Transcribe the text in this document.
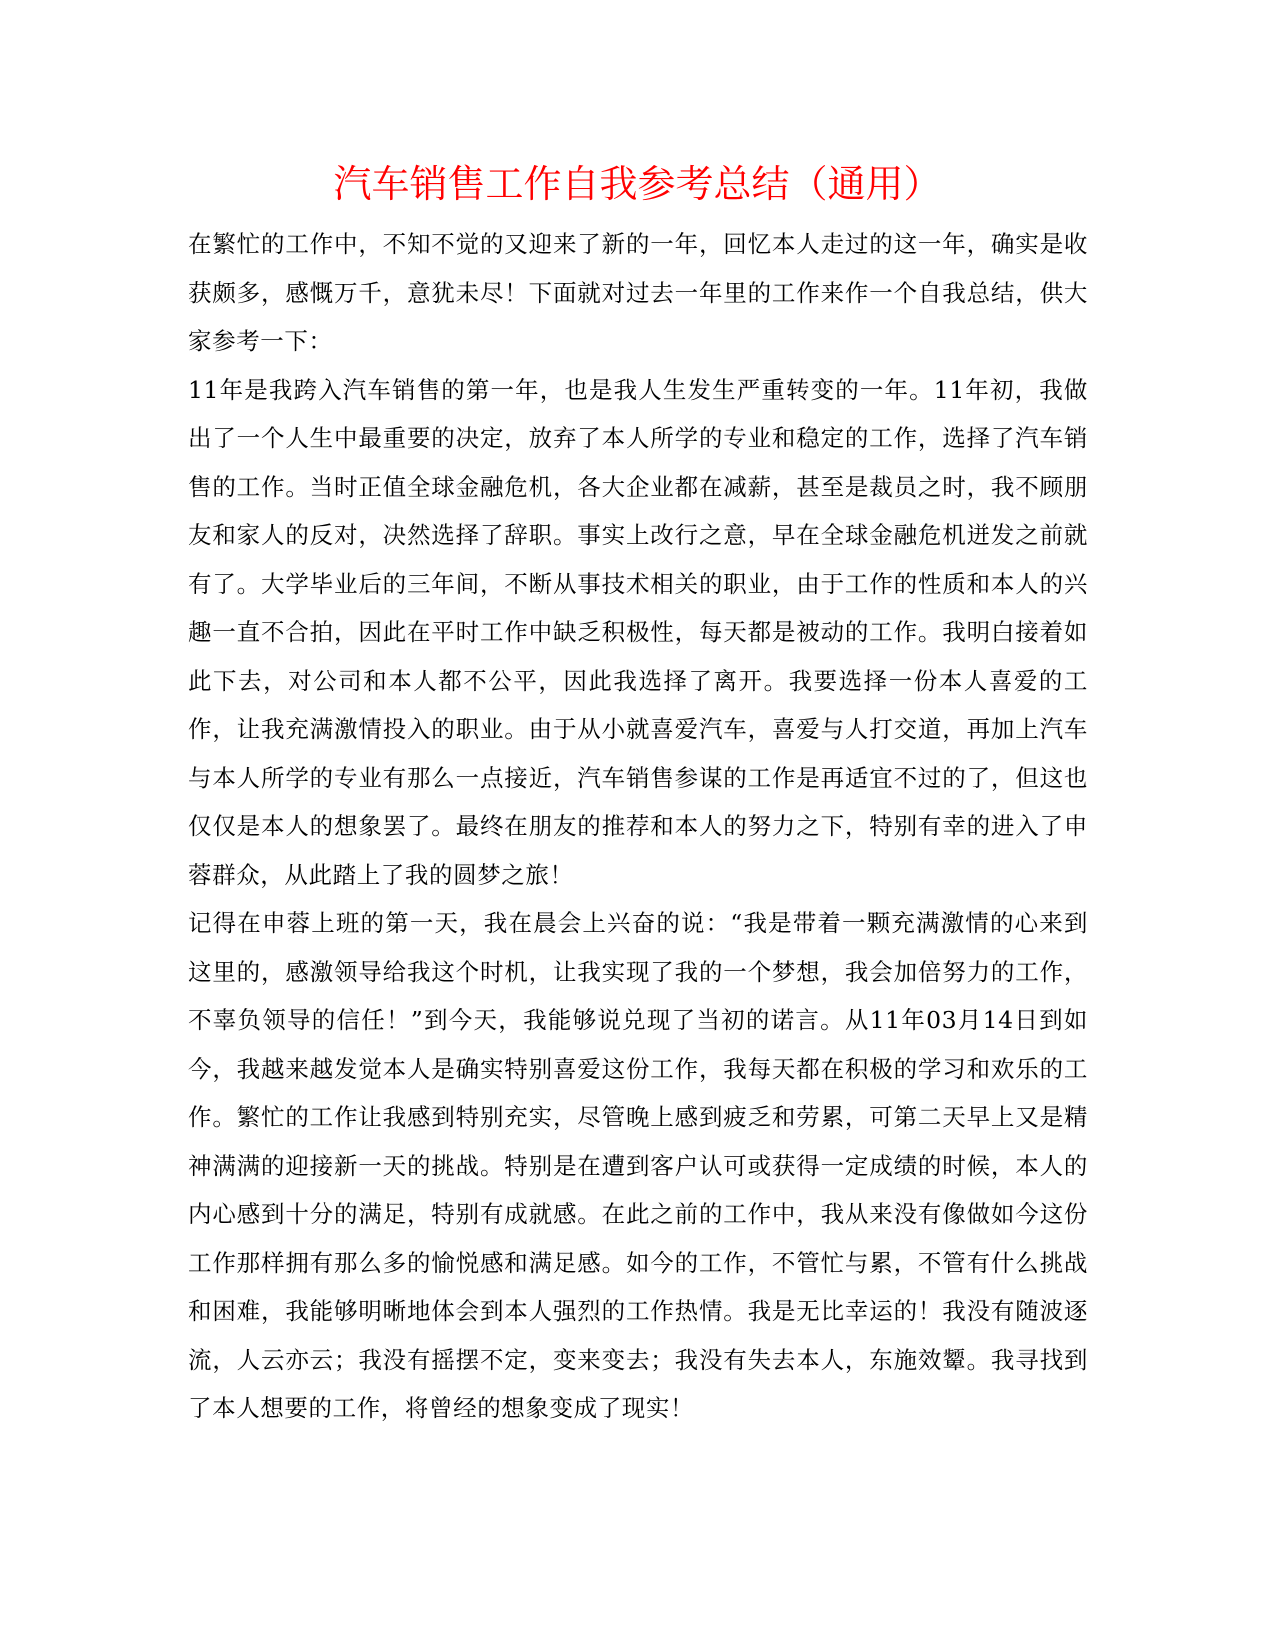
汽车销售工作自我参考总结（通用）

在繁忙的工作中，不知不觉的又迎来了新的一年，回忆本人走过的这一年，确实是收获颇多，感慨万千，意犹未尽！下面就对过去一年里的工作来作一个自我总结，供大家参考一下：

11年是我跨入汽车销售的第一年，也是我人生发生严重转变的一年。11年初，我做出了一个人生中最重要的决定，放弃了本人所学的专业和稳定的工作，选择了汽车销售的工作。当时正值全球金融危机，各大企业都在减薪，甚至是裁员之时，我不顾朋友和家人的反对，决然选择了辞职。事实上改行之意，早在全球金融危机迸发之前就有了。大学毕业后的三年间，不断从事技术相关的职业，由于工作的性质和本人的兴趣一直不合拍，因此在平时工作中缺乏积极性，每天都是被动的工作。我明白接着如此下去，对公司和本人都不公平，因此我选择了离开。我要选择一份本人喜爱的工作，让我充满激情投入的职业。由于从小就喜爱汽车，喜爱与人打交道，再加上汽车与本人所学的专业有那么一点接近，汽车销售参谋的工作是再适宜不过的了，但这也仅仅是本人的想象罢了。最终在朋友的推荐和本人的努力之下，特别有幸的进入了申蓉群众，从此踏上了我的圆梦之旅！

记得在申蓉上班的第一天，我在晨会上兴奋的说：“我是带着一颗充满激情的心来到这里的，感激领导给我这个时机，让我实现了我的一个梦想，我会加倍努力的工作，不辜负领导的信任！”到今天，我能够说兑现了当初的诺言。从11年03月14日到如今，我越来越发觉本人是确实特别喜爱这份工作，我每天都在积极的学习和欢乐的工作。繁忙的工作让我感到特别充实，尽管晚上感到疲乏和劳累，可第二天早上又是精神满满的迎接新一天的挑战。特别是在遭到客户认可或获得一定成绩的时候，本人的内心感到十分的满足，特别有成就感。在此之前的工作中，我从来没有像做如今这份工作那样拥有那么多的愉悦感和满足感。如今的工作，不管忙与累，不管有什么挑战和困难，我能够明晰地体会到本人强烈的工作热情。我是无比幸运的！我没有随波逐流，人云亦云；我没有摇摆不定，变来变去；我没有失去本人，东施效颦。我寻找到了本人想要的工作，将曾经的想象变成了现实！
